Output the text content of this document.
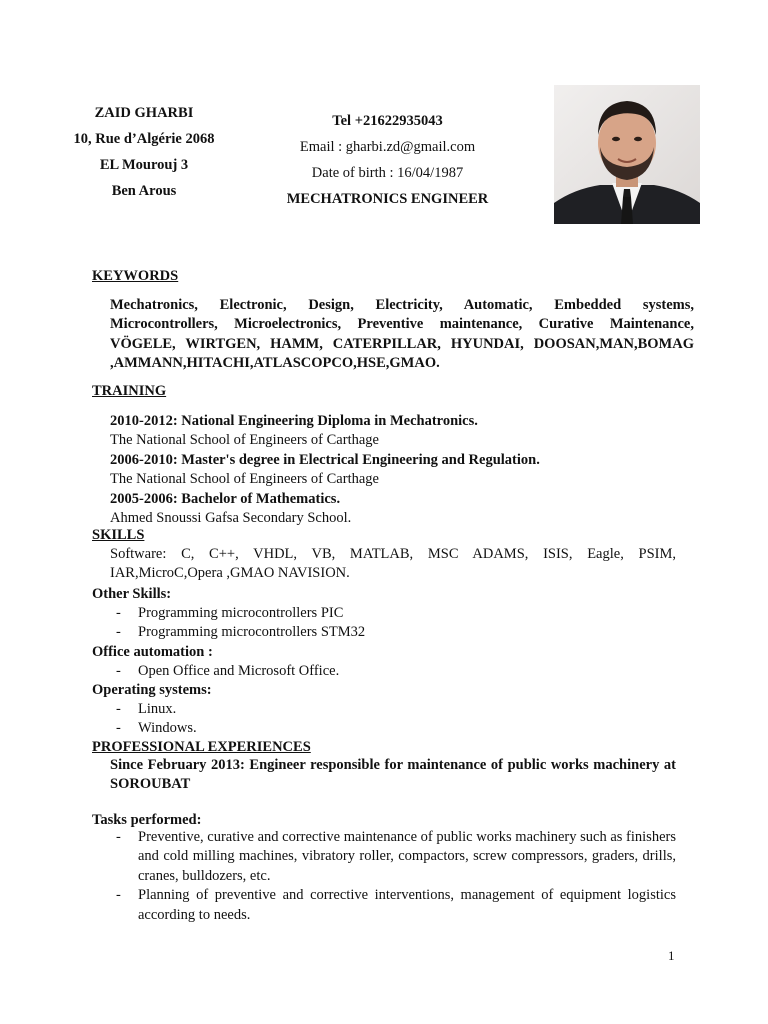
ZAID GHARBI
10, Rue d’Algérie 2068
EL Mourouj 3
Ben Arous
Tel +21622935043
Email : gharbi.zd@gmail.com
Date of birth : 16/04/1987
MECHATRONICS ENGINEER
KEYWORDS
Mechatronics, Electronic, Design, Electricity, Automatic, Embedded systems, Microcontrollers, Microelectronics, Preventive maintenance, Curative Maintenance, VÖGELE, WIRTGEN, HAMM, CATERPILLAR, HYUNDAI, DOOSAN,MAN,BOMAG ,AMMANN,HITACHI,ATLASCOPCO,HSE,GMAO.
TRAINING
2010-2012: National Engineering Diploma in Mechatronics.
The National School of Engineers of Carthage
2006-2010: Master's degree in Electrical Engineering and Regulation.
The National School of Engineers of Carthage
2005-2006: Bachelor of Mathematics.
Ahmed Snoussi Gafsa Secondary School.
SKILLS
Software: C, C++, VHDL, VB, MATLAB, MSC ADAMS, ISIS, Eagle, PSIM, IAR,MicroC,Opera ,GMAO NAVISION.
Other Skills:
- Programming microcontrollers PIC
- Programming microcontrollers STM32
Office automation :
- Open Office and Microsoft Office.
Operating systems:
- Linux.
- Windows.
PROFESSIONAL EXPERIENCES
Since February 2013: Engineer responsible for maintenance of public works machinery at SOROUBAT
Tasks performed:
- Preventive, curative and corrective maintenance of public works machinery such as finishers and cold milling machines, vibratory roller, compactors, screw compressors, graders, drills, cranes, bulldozers, etc.
- Planning of preventive and corrective interventions, management of equipment logistics according to needs.
1
